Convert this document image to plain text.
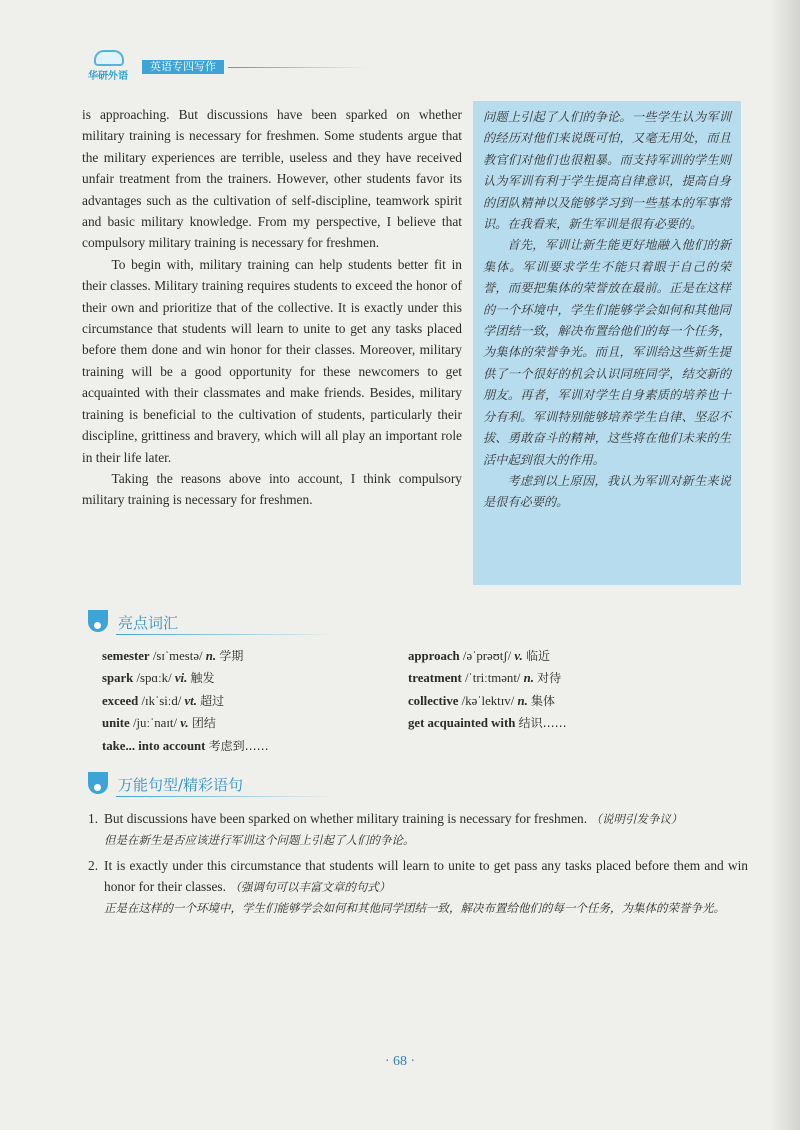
华研外语
英语专四写作

is approaching. But discussions have been sparked on whether military training is necessary for freshmen. Some students argue that the military experiences are terrible, useless and they have received unfair treatment from the trainers. However, other students favor its advantages such as the cultivation of self-discipline, teamwork spirit and basic military knowledge. From my perspective, I believe that compulsory military training is necessary for freshmen.

To begin with, military training can help students better fit in their classes. Military training requires students to exceed the honor of their own and prioritize that of the collective. It is exactly under this circumstance that students will learn to unite to get any tasks placed before them done and win honor for their classes. Moreover, military training will be a good opportunity for these newcomers to get acquainted with their classmates and make friends. Besides, military training is beneficial to the cultivation of students, particularly their discipline, grittiness and bravery, which will all play an important role in their life later.

Taking the reasons above into account, I think compulsory military training is necessary for freshmen.

问题上引起了人们的争论。一些学生认为军训的经历对他们来说既可怕，又毫无用处，而且教官们对他们也很粗暴。而支持军训的学生则认为军训有利于学生提高自律意识，提高自身的团队精神以及能够学习到一些基本的军事常识。在我看来，新生军训是很有必要的。

首先，军训让新生能更好地融入他们的新集体。军训要求学生不能只着眼于自己的荣誉，而要把集体的荣誉放在最前。正是在这样的一个环境中，学生们能够学会如何和其他同学团结一致，解决布置给他们的每一个任务，为集体的荣誉争光。而且，军训给这些新生提供了一个很好的机会认识同班同学，结交新的朋友。再者，军训对学生自身素质的培养也十分有利。军训特别能够培养学生自律、坚忍不拔、勇敢奋斗的精神，这些将在他们未来的生活中起到很大的作用。

考虑到以上原因，我认为军训对新生来说是很有必要的。

亮点词汇
semester /sɪˈmestə/ n. 学期
spark /spɑːk/ vi. 触发
exceed /ɪkˈsiːd/ vt. 超过
unite /juːˈnaɪt/ v. 团结
take... into account 考虑到……
approach /əˈprəʊtʃ/ v. 临近
treatment /ˈtriːtmənt/ n. 对待
collective /kəˈlektɪv/ n. 集体
get acquainted with 结识……
万能句型/精彩语句
1. But discussions have been sparked on whether military training is necessary for freshmen. （说明引发争议）
但是在新生是否应该进行军训这个问题上引起了人们的争论。
2. It is exactly under this circumstance that students will learn to unite to get pass any tasks placed before them and win honor for their classes. （强调句可以丰富文章的句式）
正是在这样的一个环境中，学生们能够学会如何和其他同学团结一致，解决布置给他们的每一个任务，为集体的荣誉争光。
· 68 ·
